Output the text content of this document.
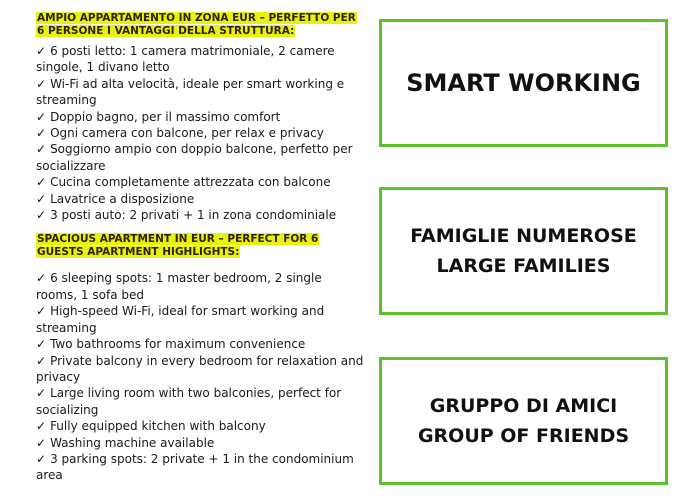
AMPIO APPARTAMENTO IN ZONA EUR – PERFETTO PER 6 PERSONE I VANTAGGI DELLA STRUTTURA:

✓ 6 posti letto: 1 camera matrimoniale, 2 camere singole, 1 divano letto
✓ Wi-Fi ad alta velocità, ideale per smart working e streaming
✓ Doppio bagno, per il massimo comfort
✓ Ogni camera con balcone, per relax e privacy
✓ Soggiorno ampio con doppio balcone, perfetto per socializzare
✓ Cucina completamente attrezzata con balcone
✓ Lavatrice a disposizione
✓ 3 posti auto: 2 privati + 1 in zona condominiale

SPACIOUS APARTMENT IN EUR – PERFECT FOR 6 GUESTS APARTMENT HIGHLIGHTS:

✓ 6 sleeping spots: 1 master bedroom, 2 single rooms, 1 sofa bed
✓ High-speed Wi-Fi, ideal for smart working and streaming
✓ Two bathrooms for maximum convenience
✓ Private balcony in every bedroom for relaxation and privacy
✓ Large living room with two balconies, perfect for socializing
✓ Fully equipped kitchen with balcony
✓ Washing machine available
✓ 3 parking spots: 2 private + 1 in the condominium area
SMART WORKING
FAMIGLIE NUMEROSE
LARGE FAMILIES
GRUPPO DI AMICI
GROUP OF FRIENDS
